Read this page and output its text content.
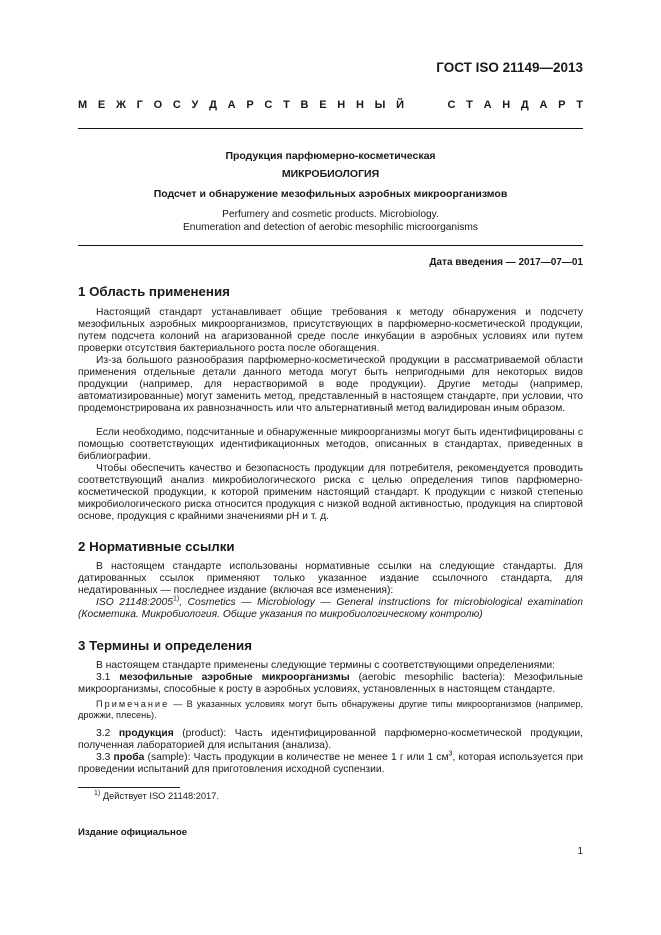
ГОСТ ISO 21149—2013
М Е Ж Г О С У Д А Р С Т В Е Н Н Ы Й	С Т А Н Д А Р Т
Продукция парфюмерно-косметическая
МИКРОБИОЛОГИЯ
Подсчет и обнаружение мезофильных аэробных микроорганизмов
Perfumery and cosmetic products. Microbiology.
Enumeration and detection of aerobic mesophilic microorganisms
Дата введения — 2017—07—01
1 Область применения

Настоящий стандарт устанавливает общие требования к методу обнаружения и подсчету мезофильных аэробных микроорганизмов, присутствующих в парфюмерно-косметической продукции, путем подсчета колоний на агаризованной среде после инкубации в аэробных условиях или путем проверки отсутствия бактериального роста после обогащения.

Из-за большого разнообразия парфюмерно-косметической продукции в рассматриваемой области применения отдельные детали данного метода могут быть непригодными для некоторых видов продукции (например, для нерастворимой в воде продукции). Другие методы (например, автоматизированные) могут заменить метод, представленный в настоящем стандарте, при условии, что продемонстрирована их равнозначность или что альтернативный метод валидирован иным образом.

Если необходимо, подсчитанные и обнаруженные микроорганизмы могут быть идентифицированы с помощью соответствующих идентификационных методов, описанных в стандартах, приведенных в библиографии.

Чтобы обеспечить качество и безопасность продукции для потребителя, рекомендуется проводить соответствующий анализ микробиологического риска с целью определения типов парфюмерно-косметической продукции, к которой применим настоящий стандарт. К продукции с низкой степенью микробиологического риска относится продукция с низкой водной активностью, продукция на спиртовой основе, продукция с крайними значениями pH и т. д.

2 Нормативные ссылки

В настоящем стандарте использованы нормативные ссылки на следующие стандарты. Для датированных ссылок применяют только указанное издание ссылочного стандарта, для недатированных — последнее издание (включая все изменения):

ISO 21148:2005$^{1)}$, Cosmetics — Microbiology — General instructions for microbiological examination (Косметика. Микробиология. Общие указания по микробиологическому контролю)

3 Термины и определения

В настоящем стандарте применены следующие термины с соответствующими определениями:

3.1 мезофильные аэробные микроорганизмы (aerobic mesophilic bacteria): Мезофильные микроорганизмы, способные к росту в аэробных условиях, установленных в настоящем стандарте.

Примечание — В указанных условиях могут быть обнаружены другие типы микроорганизмов (например, дрожжи, плесень).

3.2 продукция (product): Часть идентифицированной парфюмерно-косметической продукции, полученная лабораторией для испытания (анализа).

3.3 проба (sample): Часть продукции в количестве не менее 1 г или 1 $см^3$, которая используется при проведении испытаний для приготовления исходной суспензии.

$^{1)}$ Действует ISO 21148:2017.
Издание официальное
1
